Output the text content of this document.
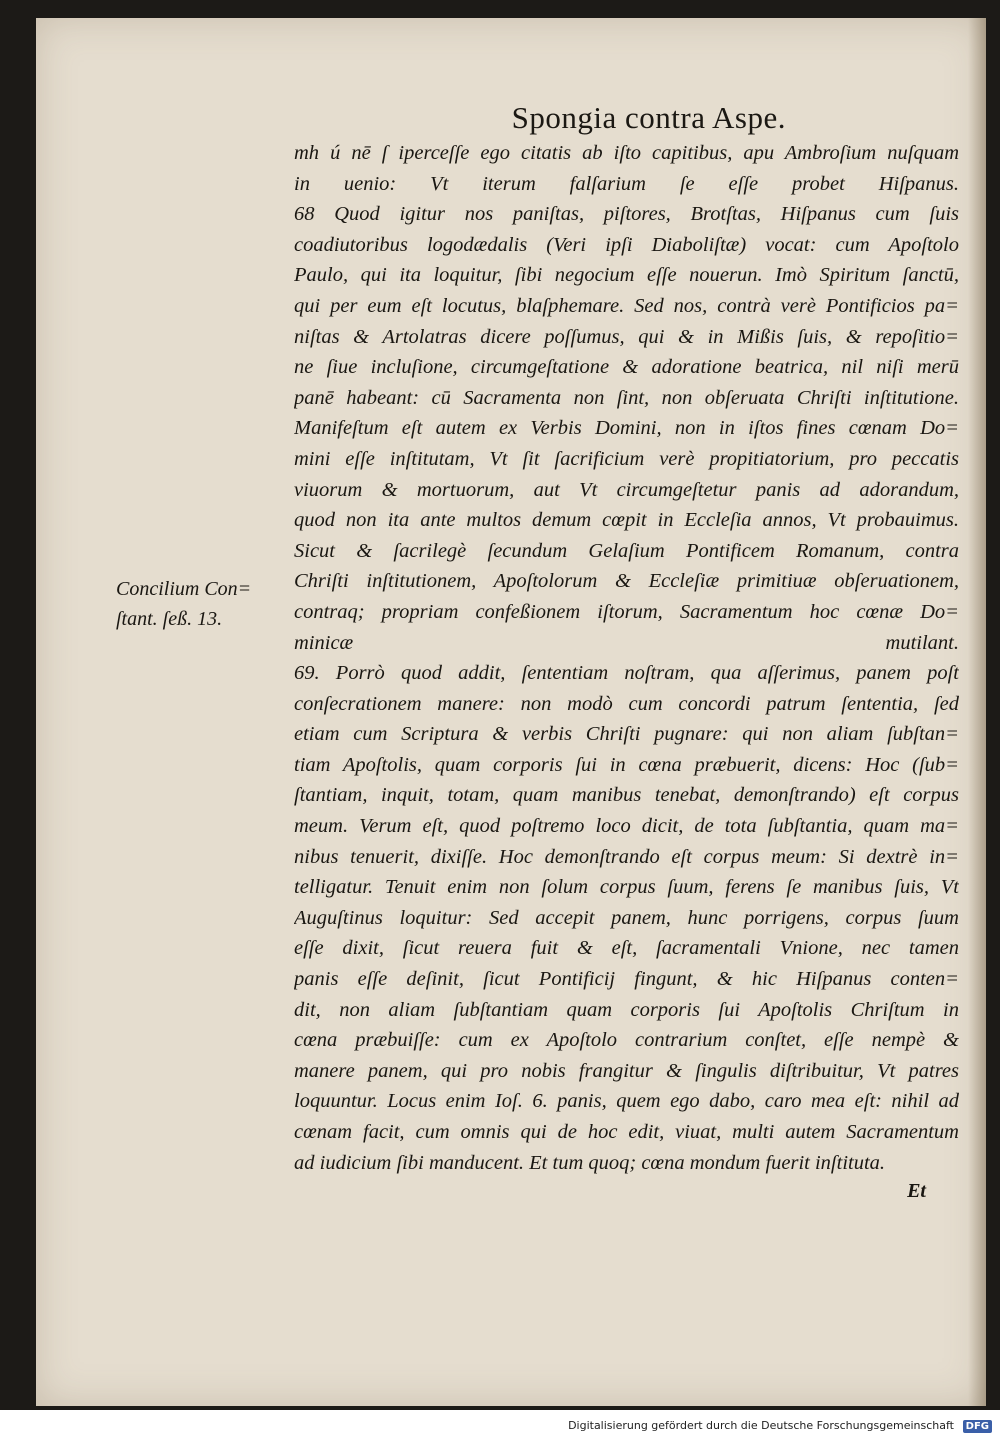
Spongia contra Aspe.
mh ú nē ſ iperceſſe ego citatis ab iſto capitibus, apu Ambroſium nuſquam
in uenio: Vt iterum falſarium ſe eſſe probet Hiſpanus.
68 Quod igitur nos paniſtas, piſtores, Brotſtas, Hiſpanus cum ſuis
coadiutoribus logodædalis (Veri ipſi Diaboliſtæ) vocat: cum Apoſtolo
Paulo, qui ita loquitur, ſibi negocium eſſe nouerun. Imò Spiritum ſanctū,
qui per eum eſt locutus, blaſphemare. Sed nos, contrà verè Pontificios pa=
niſtas & Artolatras dicere poſſumus, qui & in Mißis ſuis, & repoſitio=
ne ſiue incluſione, circumgeſtatione & adoratione beatrica, nil niſi merū
panē habeant: cū Sacramenta non ſint, non obſeruata Chriſti inſtitutione.
Manifeſtum eſt autem ex Verbis Domini, non in iſtos fines cœnam Do=
mini eſſe inſtitutam, Vt ſit ſacrificium verè propitiatorium, pro peccatis
viuorum & mortuorum, aut Vt circumgeſtetur panis ad adorandum,
quod non ita ante multos demum cœpit in Eccleſia annos, Vt probauimus.
Sicut & ſacrilegè ſecundum Gelaſium Pontificem Romanum, contra
Chriſti inſtitutionem, Apoſtolorum & Eccleſiæ primitiuæ obſeruationem,
contraq; propriam confeßionem iſtorum, Sacramentum hoc cœnæ Do=
minicæ mutilant.
69. Porrò quod addit, ſententiam noſtram, qua aſſerimus, panem poſt
conſecrationem manere: non modò cum concordi patrum ſententia, ſed
etiam cum Scriptura & verbis Chriſti pugnare: qui non aliam ſubſtan=
tiam Apoſtolis, quam corporis ſui in cœna præbuerit, dicens: Hoc (ſub=
ſtantiam, inquit, totam, quam manibus tenebat, demonſtrando) eſt corpus
meum. Verum eſt, quod poſtremo loco dicit, de tota ſubſtantia, quam ma=
nibus tenuerit, dixiſſe. Hoc demonſtrando eſt corpus meum: Si dextrè in=
telligatur. Tenuit enim non ſolum corpus ſuum, ferens ſe manibus ſuis, Vt
Auguſtinus loquitur: Sed accepit panem, hunc porrigens, corpus ſuum
eſſe dixit, ſicut reuera fuit & eſt, ſacramentali Vnione, nec tamen
panis eſſe deſinit, ſicut Pontificij fingunt, & hic Hiſpanus conten=
dit, non aliam ſubſtantiam quam corporis ſui Apoſtolis Chriſtum in
cœna præbuiſſe: cum ex Apoſtolo contrarium conſtet, eſſe nempè &
manere panem, qui pro nobis frangitur & ſingulis diſtribuitur, Vt patres
loquuntur. Locus enim Ioſ. 6. panis, quem ego dabo, caro mea eſt: nihil ad
cœnam facit, cum omnis qui de hoc edit, viuat, multi autem Sacramentum
ad iudicium ſibi manducent. Et tum quoq; cœna mondum fuerit inſtituta.
Concilium Con=
ſtant. ſeß. 13.
Et
Digitalisierung gefördert durch die Deutsche Forschungsgemeinschaft	DFG
